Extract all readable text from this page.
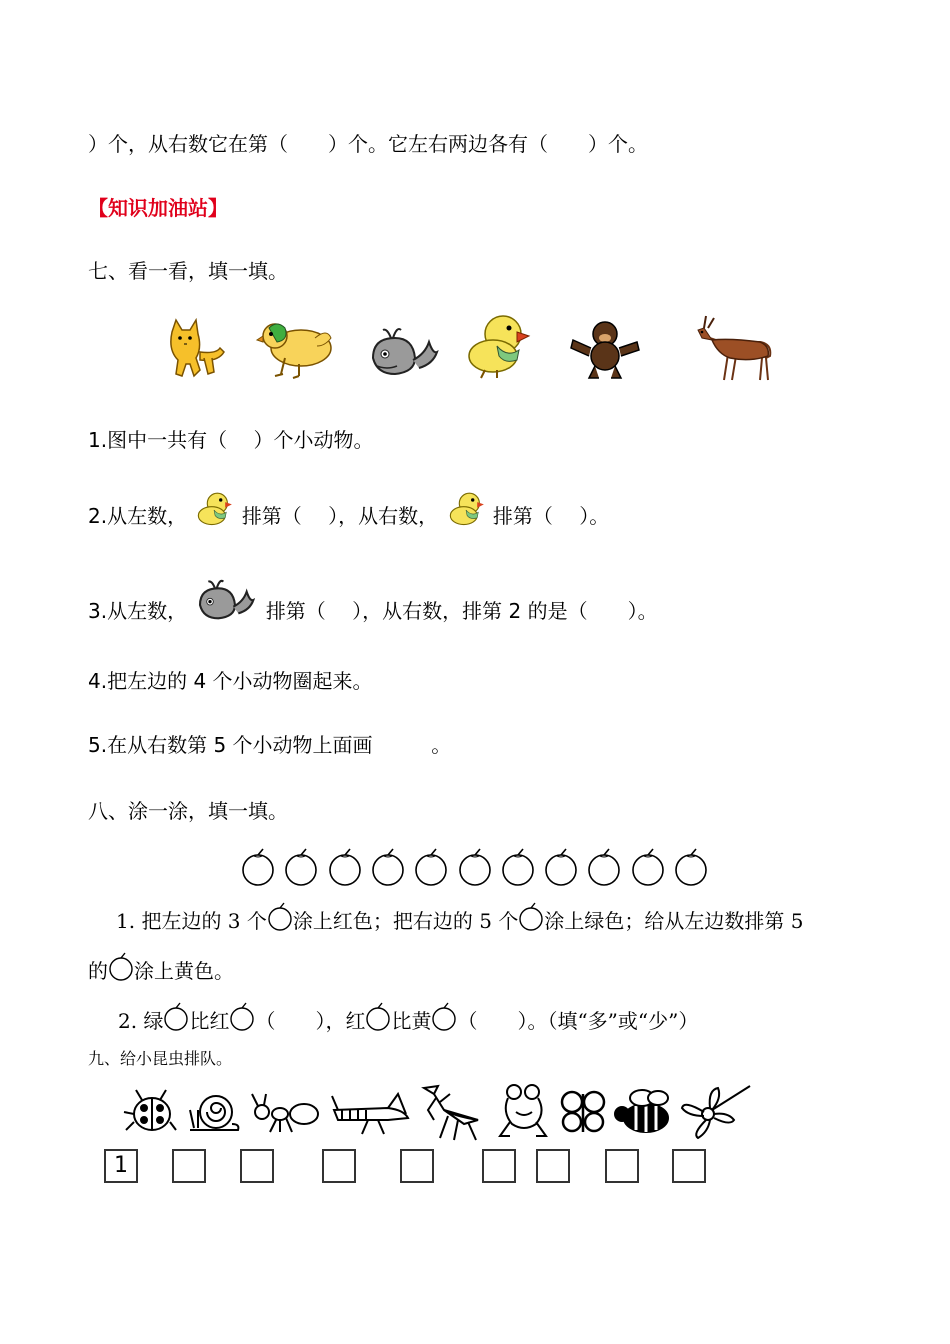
）个，从右数它在第（　　）个。它左右两边各有（　　）个。
【知识加油站】
七、看一看，填一填。
1.图中一共有（　 ）个小动物。
2.从左数，	排第（　 ），从右数，	排第（　 ）。
3.从左数，	排第（　 ），从右数，排第 2 的是（　　）。
4.把左边的 4 个小动物圈起来。
5.在从右数第 5 个小动物上面画	。
八、涂一涂，填一填。
1. 把左边的 3 个 涂上红色；把右边的 5 个 涂上绿色；给从左边数排第 5
的 涂上黄色。
2. 绿 比红 （　　），红 比黄 （　　）。（填“多”或“少”）
九、给小昆虫排队。
1
